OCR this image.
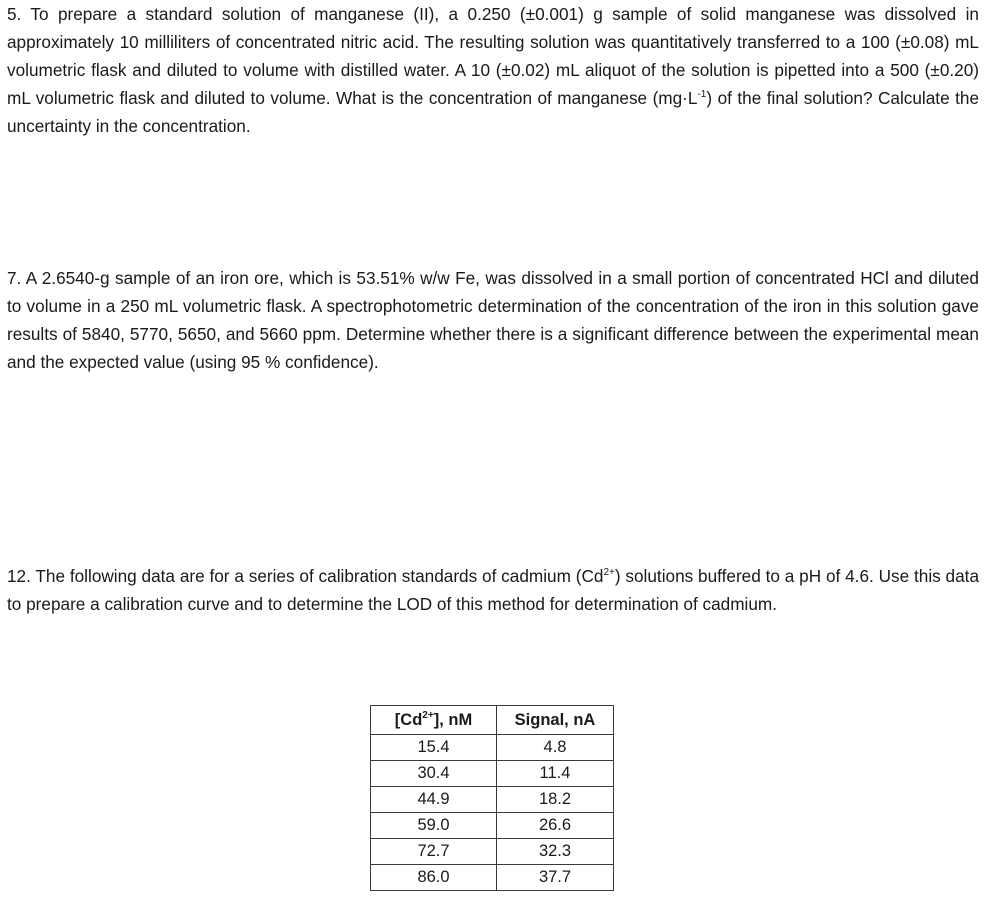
5. To prepare a standard solution of manganese (II), a 0.250 (±0.001) g sample of solid manganese was dissolved in approximately 10 milliliters of concentrated nitric acid. The resulting solution was quantitatively transferred to a 100 (±0.08) mL volumetric flask and diluted to volume with distilled water. A 10 (±0.02) mL aliquot of the solution is pipetted into a 500 (±0.20) mL volumetric flask and diluted to volume. What is the concentration of manganese $(mg\cdot L^{-1})$ of the final solution? Calculate the uncertainty in the concentration.

7. A 2.6540-g sample of an iron ore, which is 53.51% w/w Fe, was dissolved in a small portion of concentrated HCl and diluted to volume in a 250 mL volumetric flask. A spectrophotometric determination of the concentration of the iron in this solution gave results of 5840, 5770, 5650, and 5660 ppm. Determine whether there is a significant difference between the experimental mean and the expected value (using 95 % confidence).

12. The following data are for a series of calibration standards of cadmium $(Cd^{2+})$ solutions buffered to a pH of 4.6. Use this data to prepare a calibration curve and to determine the LOD of this method for determination of cadmium.

$[Cd^{2+}]$, nM	Signal, nA
15.4	4.8
30.4	11.4
44.9	18.2
59.0	26.6
72.7	32.3
86.0	37.7
